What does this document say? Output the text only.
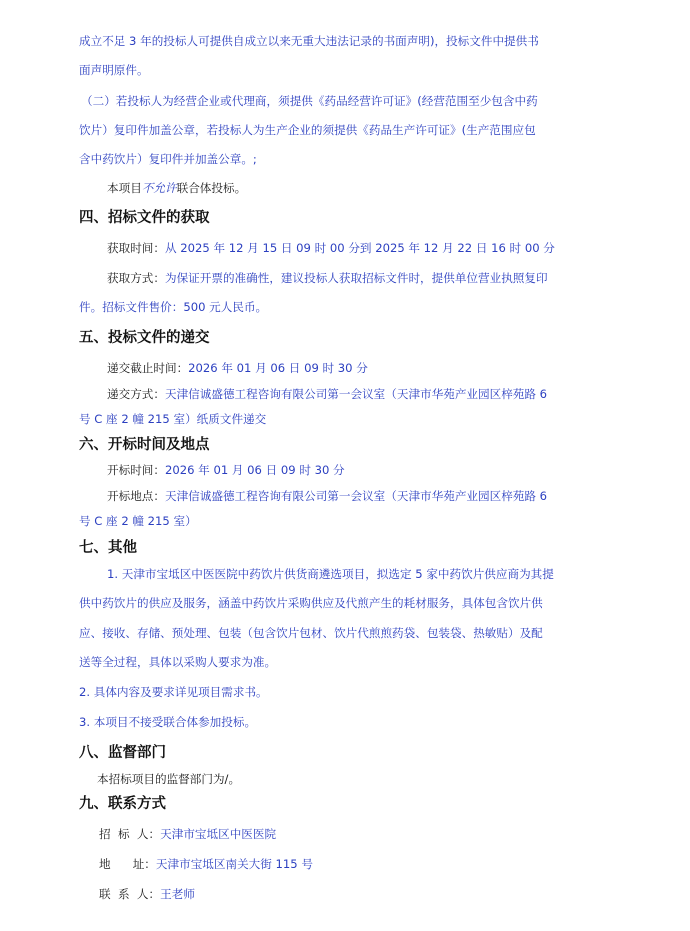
成立不足 3 年的投标人可提供自成立以来无重大违法记录的书面声明)，投标文件中提供书
面声明原件。
（二）若投标人为经营企业或代理商，须提供《药品经营许可证》(经营范围至少包含中药
饮片）复印件加盖公章，若投标人为生产企业的须提供《药品生产许可证》(生产范围应包
含中药饮片）复印件并加盖公章。;
本项目不允许联合体投标。
四、招标文件的获取
获取时间：从 2025 年 12 月 15 日 09 时 00 分到 2025 年 12 月 22 日 16 时 00 分
获取方式：为保证开票的准确性，建议投标人获取招标文件时，提供单位营业执照复印
件。招标文件售价：500 元人民币。
五、投标文件的递交
递交截止时间：2026 年 01 月 06 日 09 时 30 分
递交方式：天津信诚盛德工程咨询有限公司第一会议室（天津市华苑产业园区梓苑路 6
号 C 座 2 幢 215 室）纸质文件递交
六、开标时间及地点
开标时间：2026 年 01 月 06 日 09 时 30 分
开标地点：天津信诚盛德工程咨询有限公司第一会议室（天津市华苑产业园区梓苑路 6
号 C 座 2 幢 215 室）
七、其他
1. 天津市宝坻区中医医院中药饮片供货商遴选项目，拟选定 5 家中药饮片供应商为其提
供中药饮片的供应及服务，涵盖中药饮片采购供应及代煎产生的耗材服务，具体包含饮片供
应、接收、存储、预处理、包装（包含饮片包材、饮片代煎煎药袋、包装袋、热敏贴）及配
送等全过程，具体以采购人要求为准。
2. 具体内容及要求详见项目需求书。
3. 本项目不接受联合体参加投标。
八、监督部门
本招标项目的监督部门为/。
九、联系方式
招  标  人：天津市宝坻区中医医院
地      址：天津市宝坻区南关大街 115 号
联  系  人：王老师
